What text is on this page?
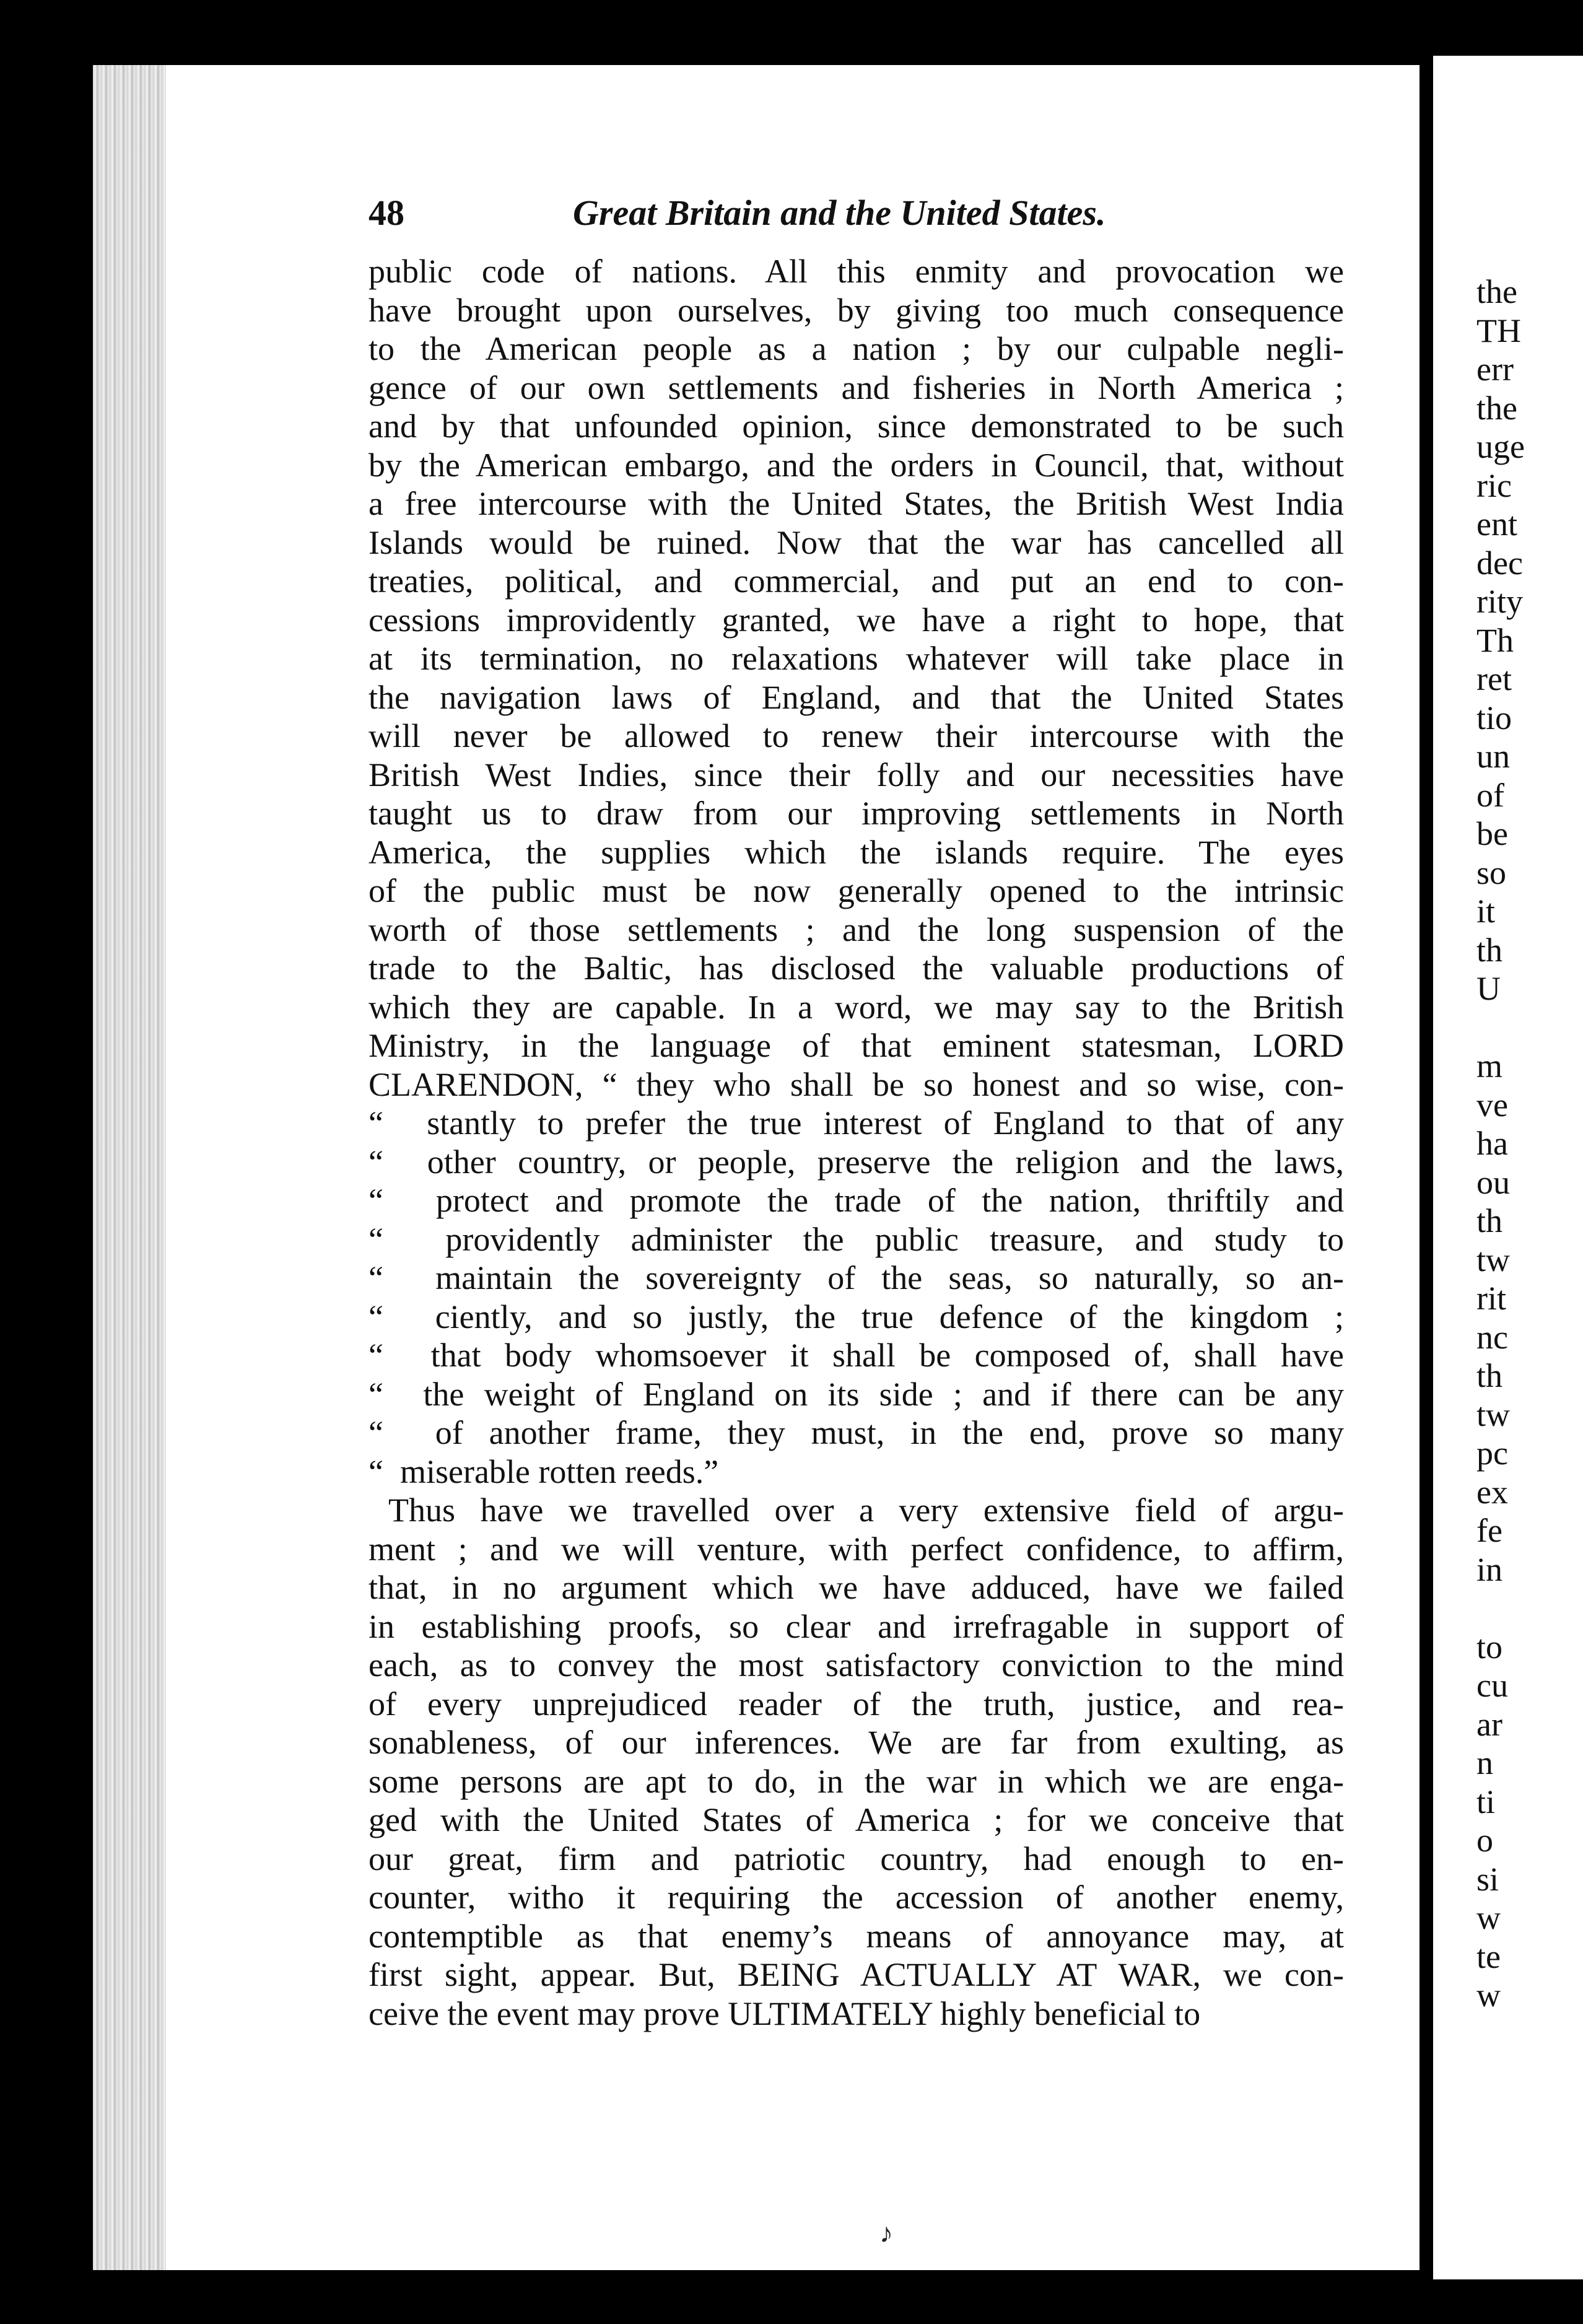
the
TH
err
the
uge
ric
ent
dec
rity
Th
ret
tio
un
of
be
so
it
th
U
m
ve
ha
ou
th
tw
rit
nc
th
tw
pc
ex
fe
in
to
cu
ar
n
ti
o
si
w
te
w
48	Great Britain and the United States.
public code of nations. All this enmity and provocation we
have brought upon ourselves, by giving too much consequence
to the American people as a nation ; by our culpable negli-
gence of our own settlements and fisheries in North America ;
and by that unfounded opinion, since demonstrated to be such
by the American embargo, and the orders in Council, that, without
a free intercourse with the United States, the British West India
Islands would be ruined. Now that the war has cancelled all
treaties, political, and commercial, and put an end to con-
cessions improvidently granted, we have a right to hope, that
at its termination, no relaxations whatever will take place in
the navigation laws of England, and that the United States
will never be allowed to renew their intercourse with the
British West Indies, since their folly and our necessities have
taught us to draw from our improving settlements in North
America, the supplies which the islands require. The eyes
of the public must be now generally opened to the intrinsic
worth of those settlements ; and the long suspension of the
trade to the Baltic, has disclosed the valuable productions of
which they are capable. In a word, we may say to the British
Ministry, in the language of that eminent statesman, LORD
CLARENDON, “ they who shall be so honest and so wise, con-
“  stantly to prefer the true interest of England to that of any
“  other country, or people, preserve the religion and the laws,
“  protect and promote the trade of the nation, thriftily and
“  providently administer the public treasure, and study to
“  maintain the sovereignty of the seas, so naturally, so an-
“  ciently, and so justly, the true defence of the kingdom ;
“  that body whomsoever it shall be composed of, shall have
“  the weight of England on its side ; and if there can be any
“  of another frame, they must, in the end, prove so many
“  miserable rotten reeds.”
Thus have we travelled over a very extensive field of argu-
ment ; and we will venture, with perfect confidence, to affirm,
that, in no argument which we have adduced, have we failed
in establishing proofs, so clear and irrefragable in support of
each, as to convey the most satisfactory conviction to the mind
of every unprejudiced reader of the truth, justice, and rea-
sonableness, of our inferences. We are far from exulting, as
some persons are apt to do, in the war in which we are enga-
ged with the United States of America ; for we conceive that
our great, firm and patriotic country, had enough to en-
counter, witho it requiring the accession of another enemy,
contemptible as that enemy’s means of annoyance may, at
first sight, appear. But, BEING ACTUALLY AT WAR, we con-
ceive the event may prove ULTIMATELY highly beneficial to
♪
